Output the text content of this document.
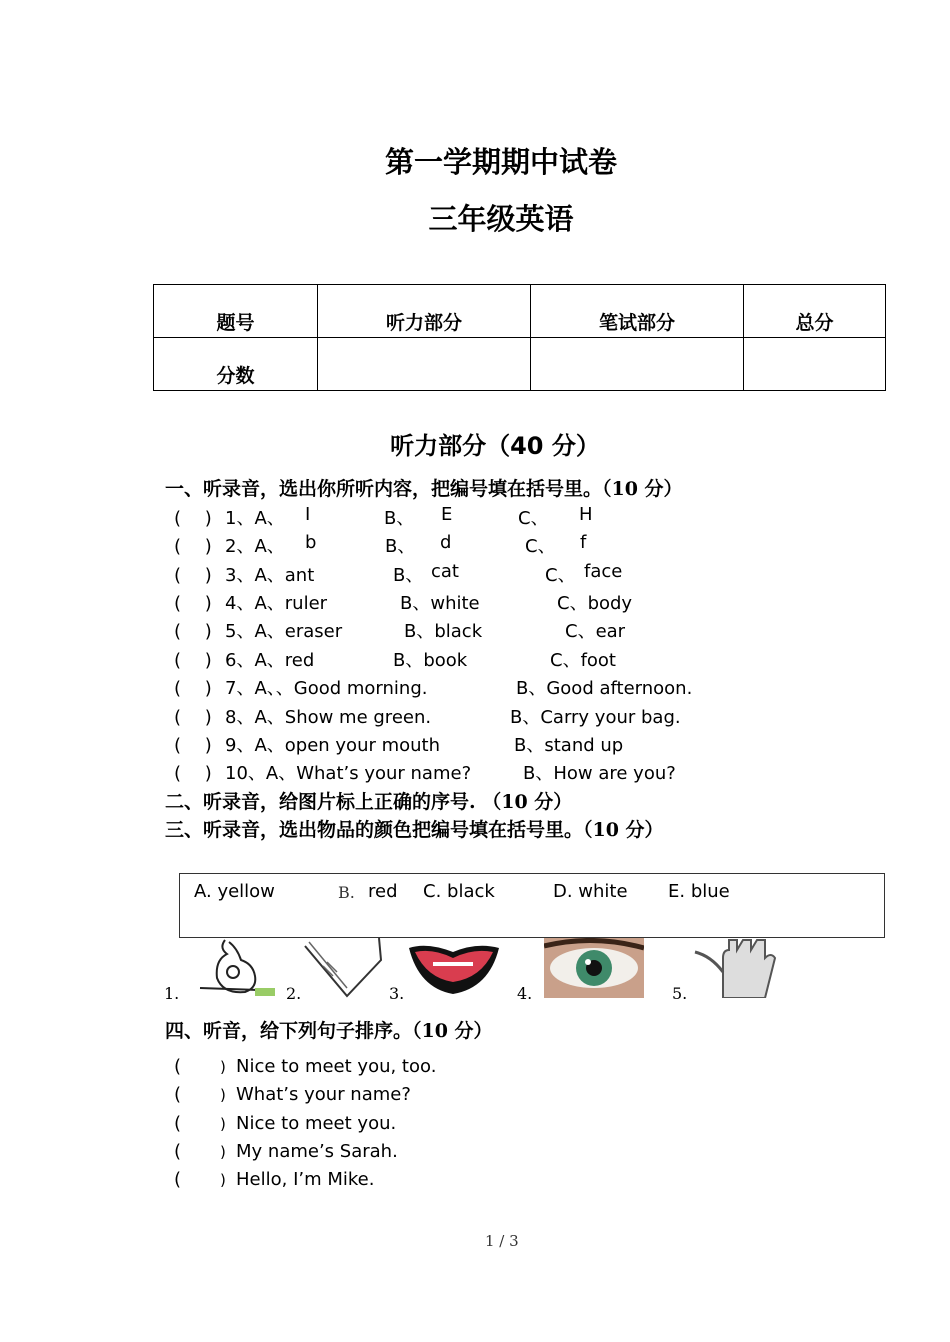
第一学期期中试卷
三年级英语
题号	听力部分	笔试部分	总分
分数			
听力部分（40 分）
一、听录音，选出你所听内容，把编号填在括号里。（10 分）
(　 ) 1、A、 I	B、 E	C、 H
(　 ) 2、A、 b	B、 d	C、 f
(　 ) 3、A、ant	B、 cat	C、 face
(　 ) 4、A、ruler	B、white	C、body
(　 ) 5、A、eraser	B、black	C、ear
(　 ) 6、A、red	B、book	C、foot
(　 ) 7、A、、Good morning.	B、Good afternoon.
(　 ) 8、A、Show me green.	B、Carry your bag.
(　 ) 9、A、open your mouth	B、stand up
(　 ) 10、A、What’s your name?	B、How are you?
二、听录音，给图片标上正确的序号. （10 分）
三、听录音，选出物品的颜色把编号填在括号里。（10 分）
A. yellow	B. red C. black	D. white E. blue
1.	2.	3.	4.	5.
四、听音，给下列句子排序。（10 分）
(	) Nice to meet you, too.
(	) What’s your name?
(	) Nice to meet you.
(	) My name’s Sarah.
(	) Hello, I’m Mike.
1 / 3
